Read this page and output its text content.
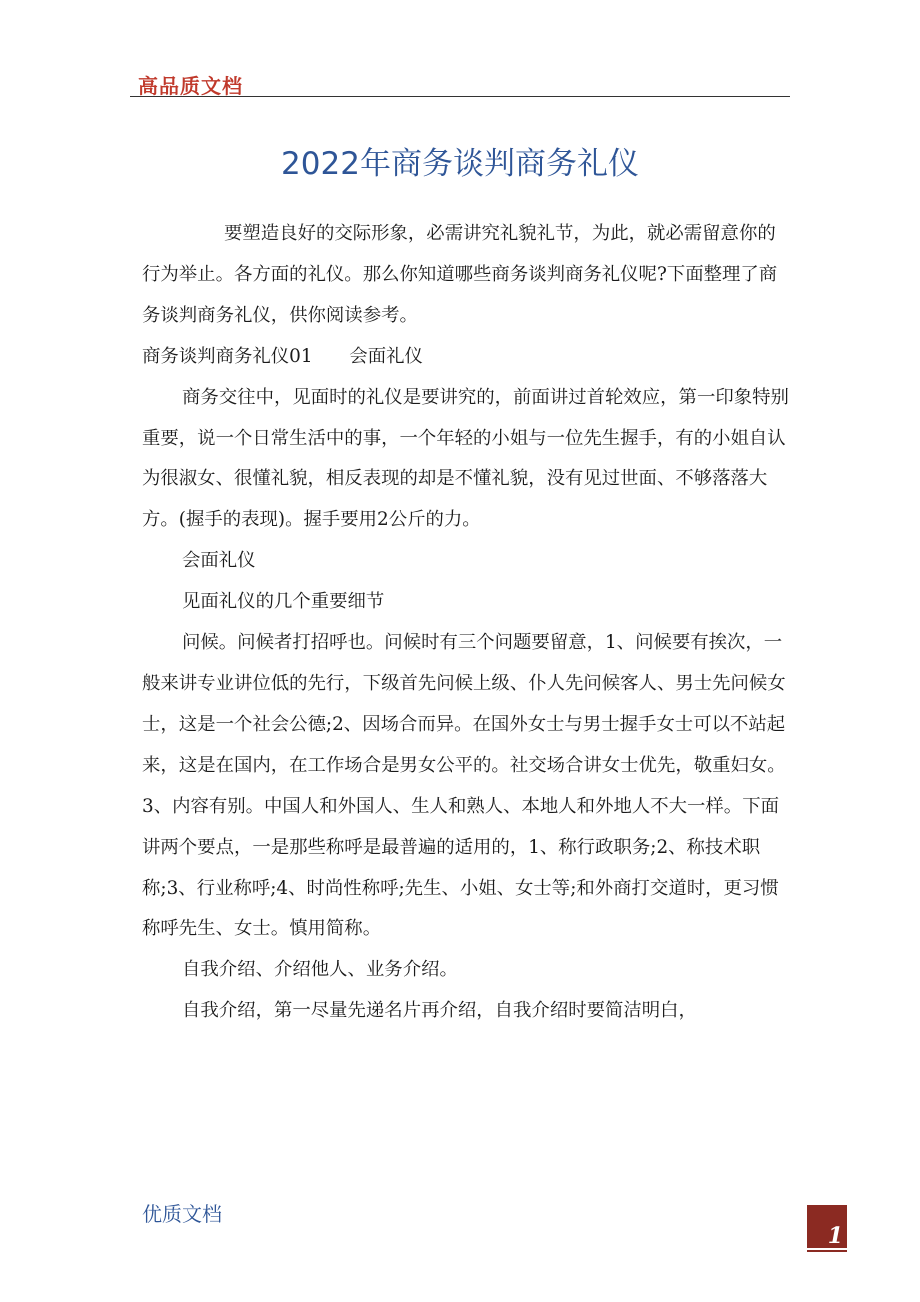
高品质文档
2022年商务谈判商务礼仪

要塑造良好的交际形象，必需讲究礼貌礼节，为此，就必需留意你的行为举止。各方面的礼仪。那么你知道哪些商务谈判商务礼仪呢?下面整理了商务谈判商务礼仪，供你阅读参考。

商务谈判商务礼仪01　　会面礼仪

商务交往中，见面时的礼仪是要讲究的，前面讲过首轮效应，第一印象特别重要，说一个日常生活中的事，一个年轻的小姐与一位先生握手，有的小姐自认为很淑女、很懂礼貌，相反表现的却是不懂礼貌，没有见过世面、不够落落大方。(握手的表现)。握手要用2公斤的力。

会面礼仪

见面礼仪的几个重要细节

问候。问候者打招呼也。问候时有三个问题要留意，1、问候要有挨次，一般来讲专业讲位低的先行，下级首先问候上级、仆人先问候客人、男士先问候女士，这是一个社会公德;2、因场合而异。在国外女士与男士握手女士可以不站起来，这是在国内，在工作场合是男女公平的。社交场合讲女士优先，敬重妇女。3、内容有别。中国人和外国人、生人和熟人、本地人和外地人不大一样。下面讲两个要点，一是那些称呼是最普遍的适用的，1、称行政职务;2、称技术职称;3、行业称呼;4、时尚性称呼;先生、小姐、女士等;和外商打交道时，更习惯称呼先生、女士。慎用简称。

自我介绍、介绍他人、业务介绍。

自我介绍，第一尽量先递名片再介绍，自我介绍时要简洁明白，

优质文档
1
